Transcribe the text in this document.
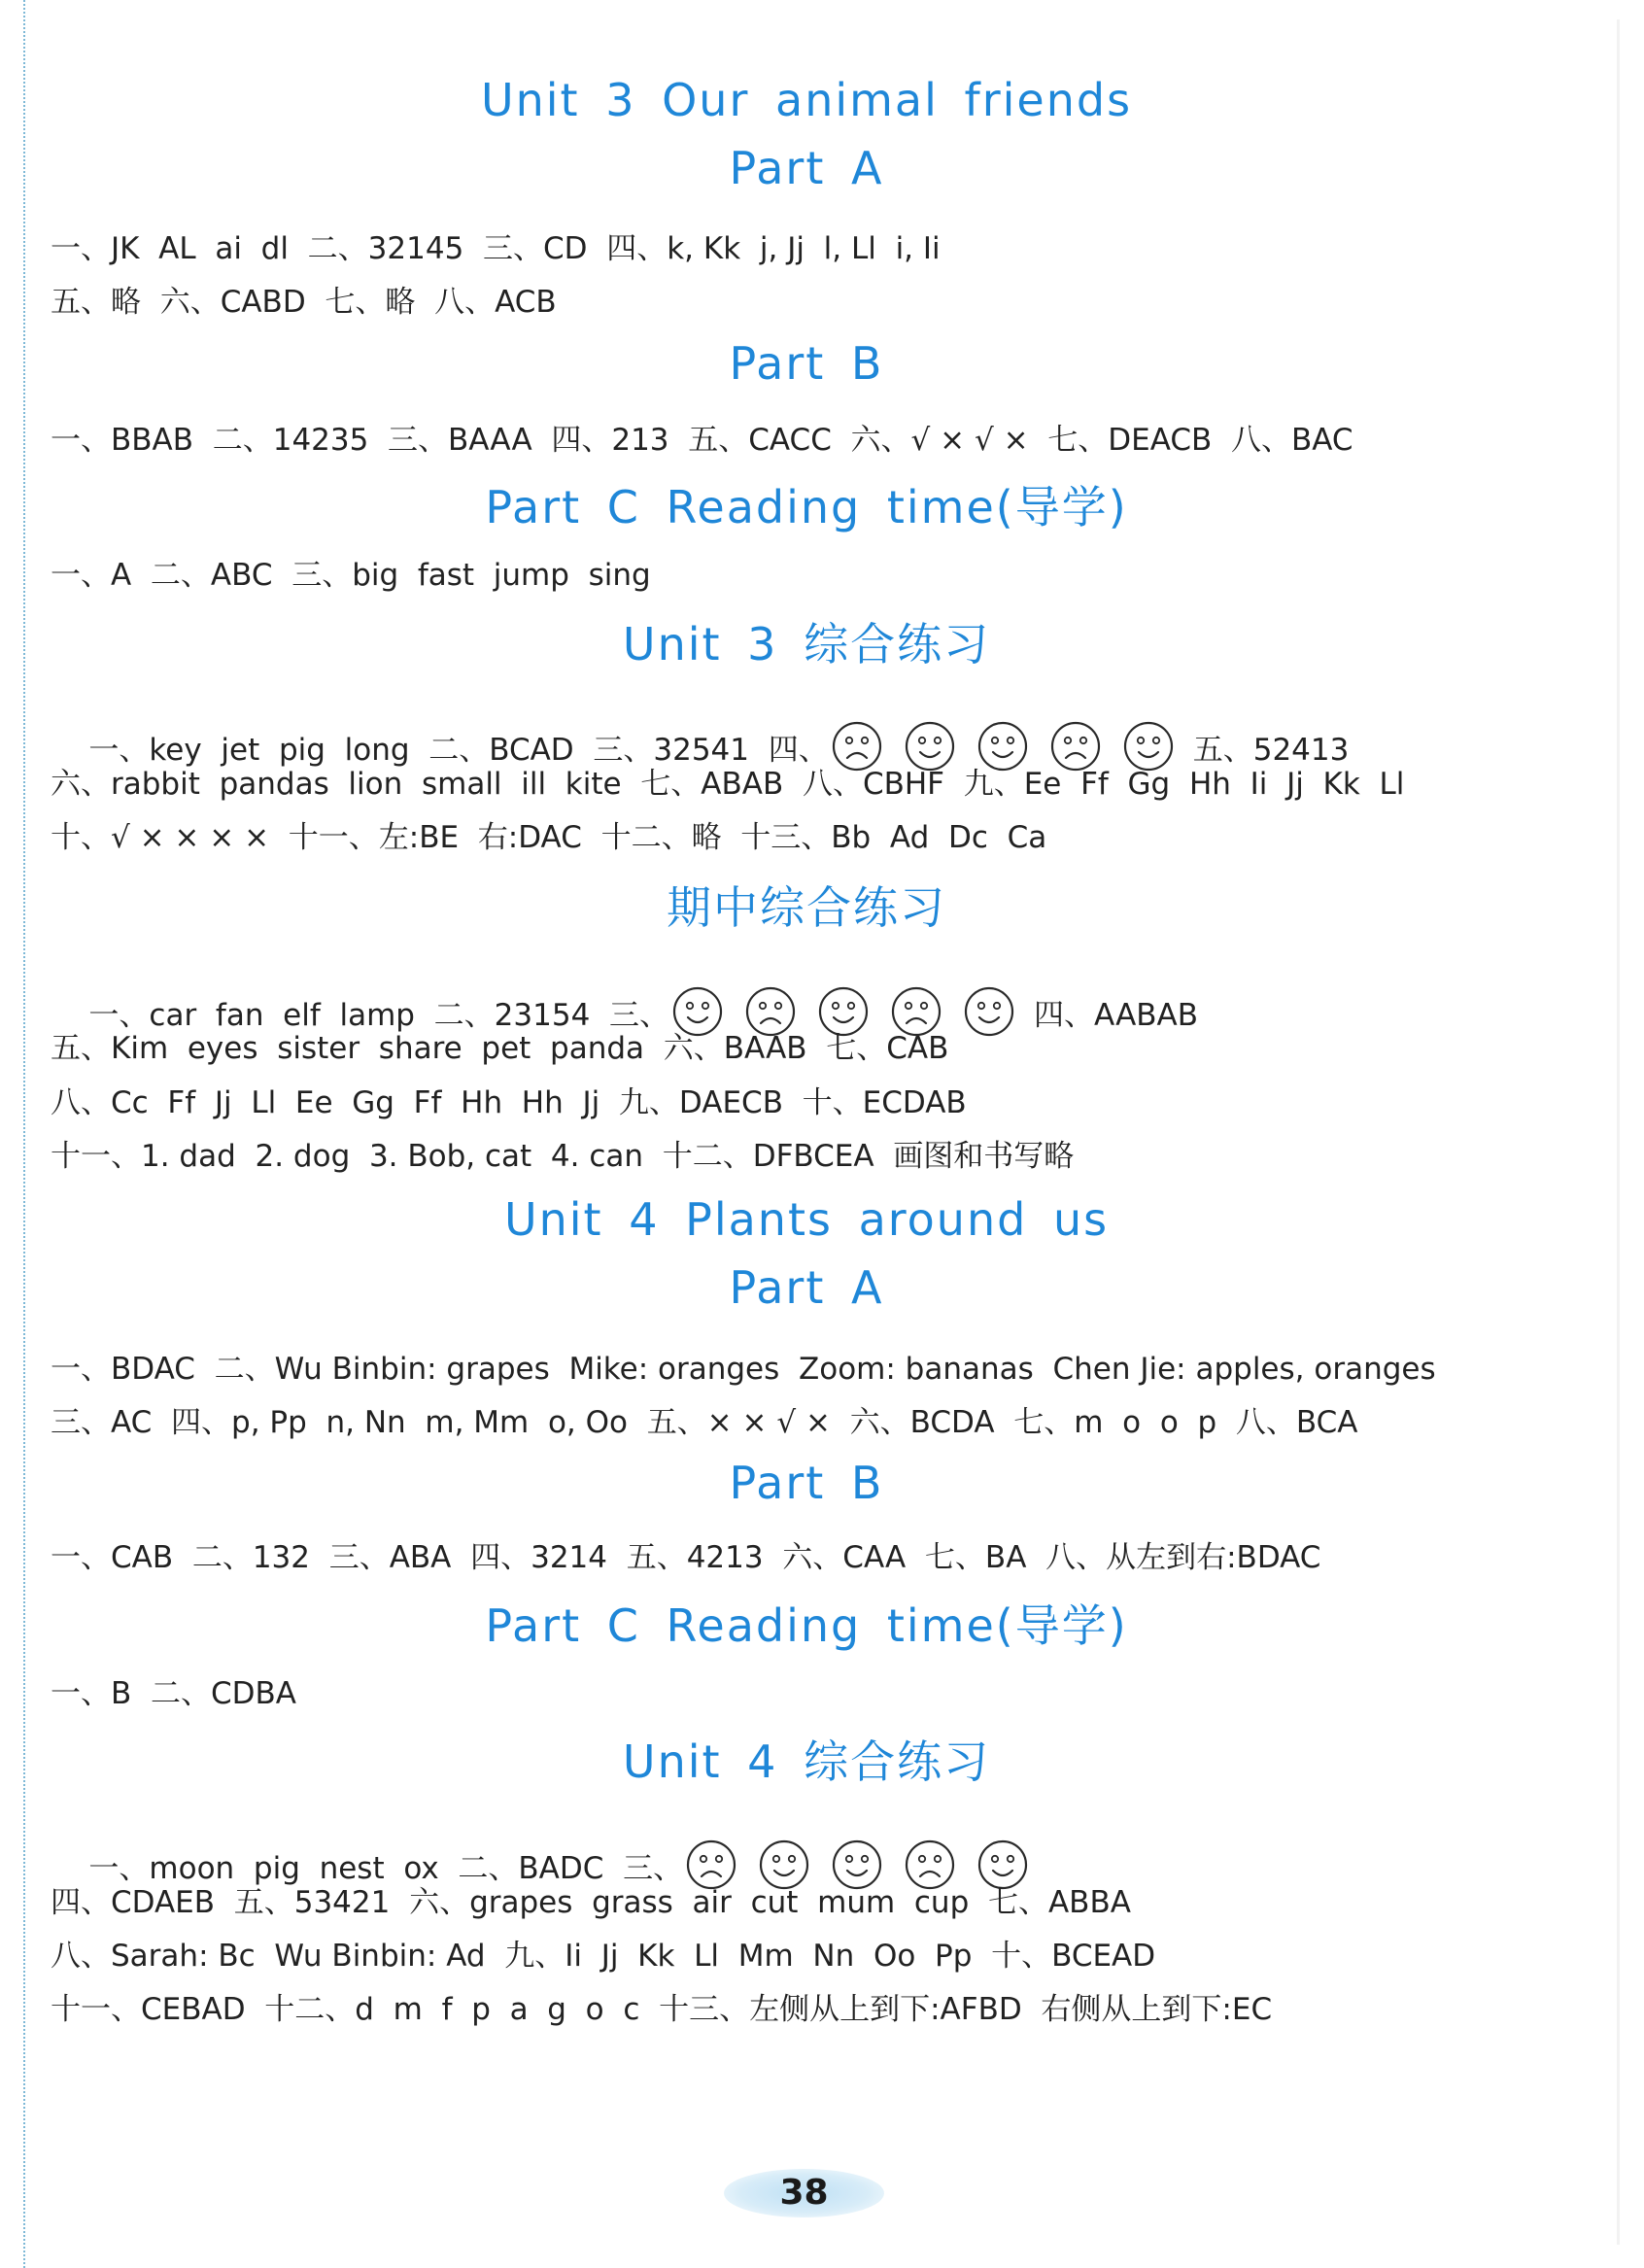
Unit 3 Our animal friends
Part A
一、JK  AL  ai  dl  二、32145  三、CD  四、k, Kk  j, Jj  l, Ll  i, Ii
五、略  六、CABD  七、略  八、ACB
Part B
一、BBAB  二、14235  三、BAAA  四、213  五、CACC  六、√ × √ ×  七、DEACB  八、BAC
Part C Reading time(导学)
一、A  二、ABC  三、big  fast  jump  sing
Unit 3 综合练习

一、key  jet  pig  long  二、BCAD  三、32541  四、	五、52413

六、rabbit  pandas  lion  small  ill  kite  七、ABAB  八、CBHF  九、Ee  Ff  Gg  Hh  Ii  Jj  Kk  Ll
十、√ × × × ×  十一、左:BE  右:DAC  十二、略  十三、Bb  Ad  Dc  Ca
期中综合练习

一、car  fan  elf  lamp  二、23154  三、	四、AABAB

五、Kim  eyes  sister  share  pet  panda  六、BAAB  七、CAB
八、Cc  Ff  Jj  Ll  Ee  Gg  Ff  Hh  Hh  Jj  九、DAECB  十、ECDAB
十一、1. dad  2. dog  3. Bob, cat  4. can  十二、DFBCEA  画图和书写略
Unit 4 Plants around us
Part A
一、BDAC  二、Wu Binbin: grapes  Mike: oranges  Zoom: bananas  Chen Jie: apples, oranges
三、AC  四、p, Pp  n, Nn  m, Mm  o, Oo  五、× × √ ×  六、BCDA  七、m  o  o  p  八、BCA
Part B
一、CAB  二、132  三、ABA  四、3214  五、4213  六、CAA  七、BA  八、从左到右:BDAC
Part C Reading time(导学)
一、B  二、CDBA
Unit 4 综合练习

一、moon  pig  nest  ox  二、BADC  三、

四、CDAEB  五、53421  六、grapes  grass  air  cut  mum  cup  七、ABBA
八、Sarah: Bc  Wu Binbin: Ad  九、Ii  Jj  Kk  Ll  Mm  Nn  Oo  Pp  十、BCEAD
十一、CEBAD  十二、d  m  f  p  a  g  o  c  十三、左侧从上到下:AFBD  右侧从上到下:EC
38
